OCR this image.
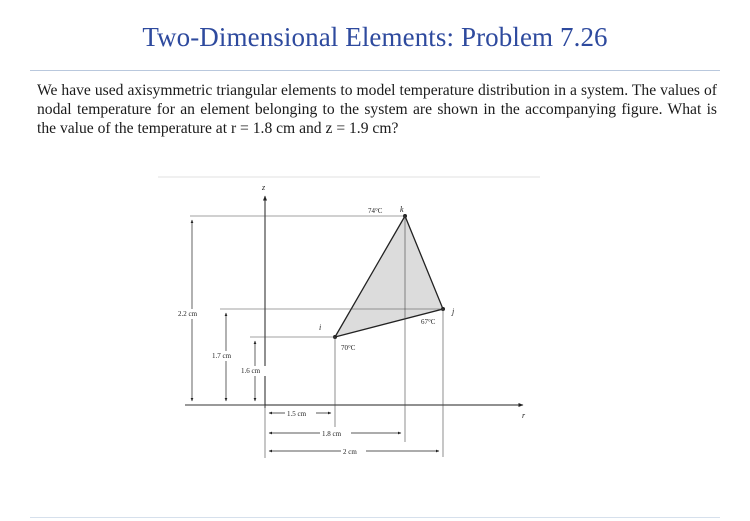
Two-Dimensional Elements: Problem 7.26
We have used axisymmetric triangular elements to model temperature distribution in a system. The values of nodal temperature for an element belonging to the system are shown in the accompanying figure. What is the value of the temperature at r = 1.8 cm and z = 1.9 cm?
z
r
74°C k
j
67°C
i
70°C
2.2 cm
1.7 cm
1.6 cm
1.5 cm
1.8 cm
2 cm
